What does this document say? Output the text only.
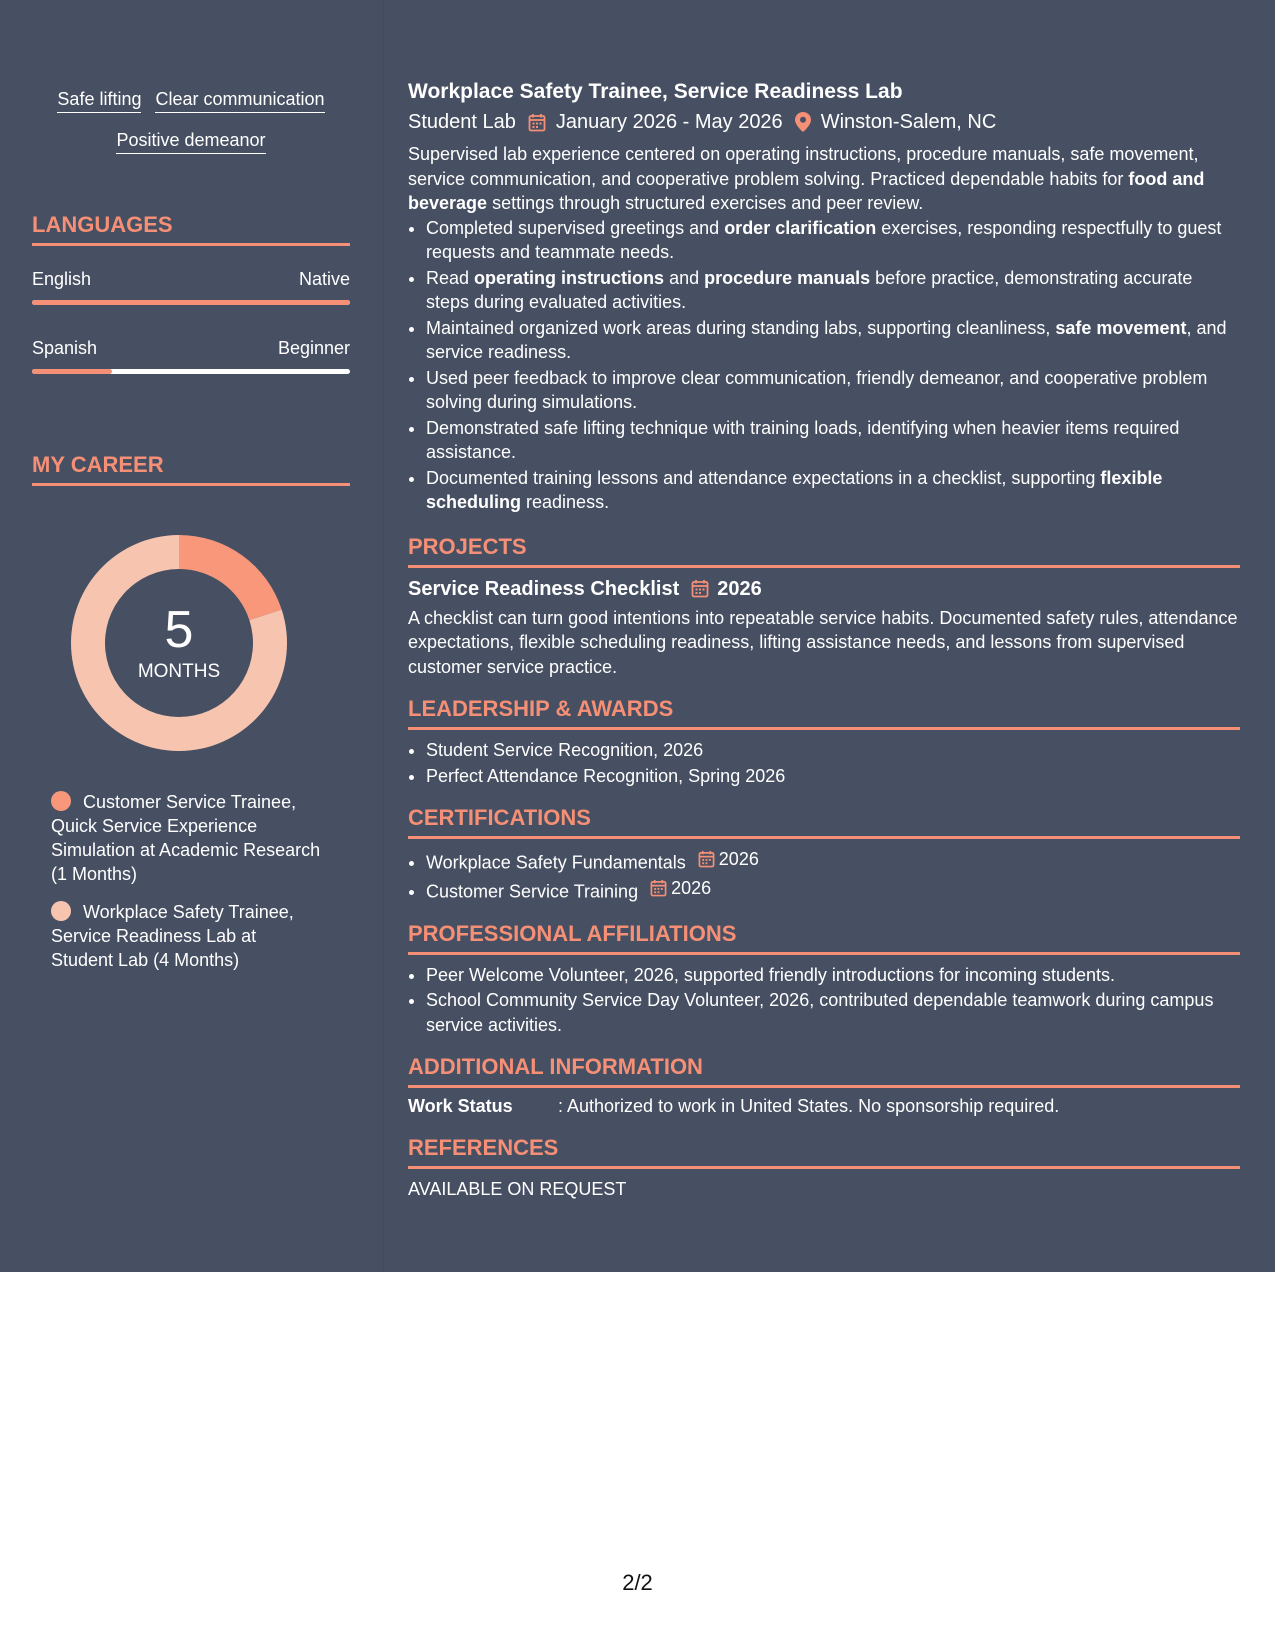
Safe lifting Clear communication
Positive demeanor
LANGUAGES
English	Native
Spanish	Beginner
MY CAREER
5
MONTHS
Customer Service Trainee, Quick Service Experience Simulation at Academic Research (1 Months)
Workplace Safety Trainee, Service Readiness Lab at Student Lab (4 Months)
Workplace Safety Trainee, Service Readiness Lab
Student Lab January 2026 - May 2026 Winston-Salem, NC
Supervised lab experience centered on operating instructions, procedure manuals, safe movement, service communication, and cooperative problem solving. Practiced dependable habits for food and beverage settings through structured exercises and peer review.
• Completed supervised greetings and order clarification exercises, responding respectfully to guest requests and teammate needs.
• Read operating instructions and procedure manuals before practice, demonstrating accurate steps during evaluated activities.
• Maintained organized work areas during standing labs, supporting cleanliness, safe movement, and service readiness.
• Used peer feedback to improve clear communication, friendly demeanor, and cooperative problem solving during simulations.
• Demonstrated safe lifting technique with training loads, identifying when heavier items required assistance.
• Documented training lessons and attendance expectations in a checklist, supporting flexible scheduling readiness.
PROJECTS
Service Readiness Checklist 2026
A checklist can turn good intentions into repeatable service habits. Documented safety rules, attendance expectations, flexible scheduling readiness, lifting assistance needs, and lessons from supervised customer service practice.
LEADERSHIP & AWARDS
• Student Service Recognition, 2026
• Perfect Attendance Recognition, Spring 2026
CERTIFICATIONS
• Workplace Safety Fundamentals 2026
• Customer Service Training 2026
PROFESSIONAL AFFILIATIONS
• Peer Welcome Volunteer, 2026, supported friendly introductions for incoming students.
• School Community Service Day Volunteer, 2026, contributed dependable teamwork during campus service activities.
ADDITIONAL INFORMATION
Work Status	: Authorized to work in United States. No sponsorship required.
REFERENCES
AVAILABLE ON REQUEST
2/2
